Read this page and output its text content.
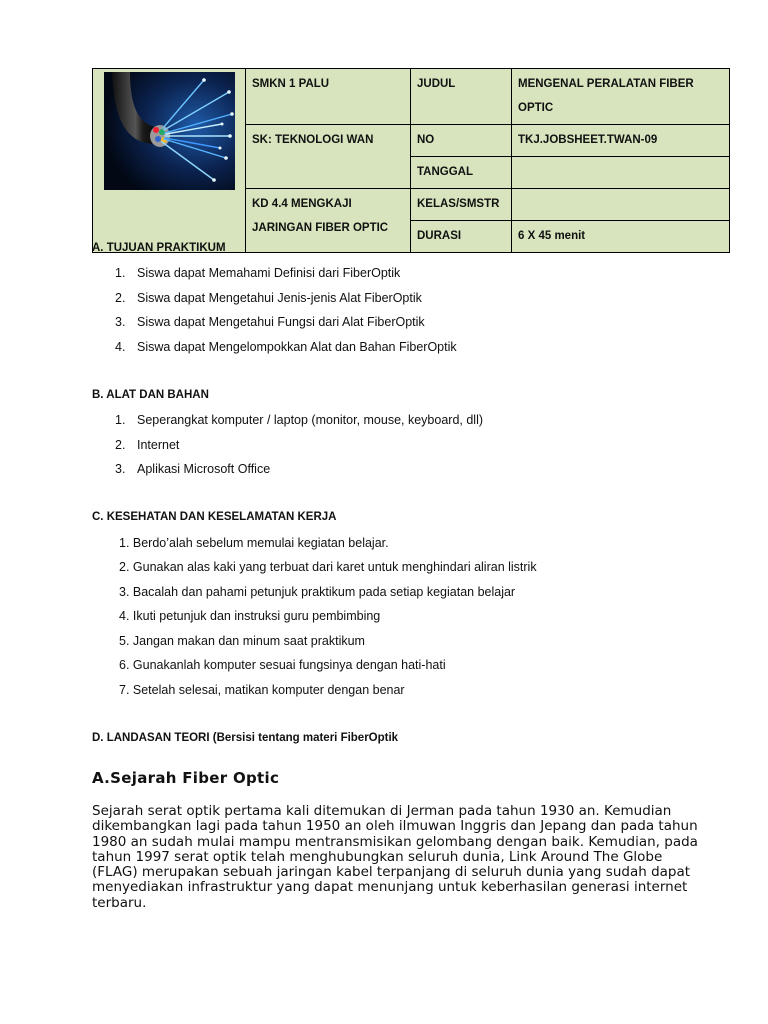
	SMKN 1 PALU	JUDUL	MENGENAL PERALATAN FIBER
OPTIC

	SK: TEKNOLOGI WAN	NO	TKJ.JOBSHEET.TWAN-09
		TANGGAL	
	KD 4.4 MENGKAJI
JARINGAN FIBER OPTIC	KELAS/SMSTR	
		DURASI	6 X 45 menit
A. TUJUAN PRAKTIKUM
1. Siswa dapat Memahami Definisi dari FiberOptik
2. Siswa dapat Mengetahui Jenis-jenis Alat FiberOptik
3. Siswa dapat Mengetahui Fungsi dari Alat FiberOptik
4. Siswa dapat Mengelompokkan Alat dan Bahan FiberOptik
B. ALAT DAN BAHAN
1. Seperangkat komputer / laptop (monitor, mouse, keyboard, dll)
2. Internet
3. Aplikasi Microsoft Office
C. KESEHATAN DAN KESELAMATAN KERJA
1. Berdo’alah sebelum memulai kegiatan belajar.
2. Gunakan alas kaki yang terbuat dari karet untuk menghindari aliran listrik
3. Bacalah dan pahami petunjuk praktikum pada setiap kegiatan belajar
4. Ikuti petunjuk dan instruksi guru pembimbing
5. Jangan makan dan minum saat praktikum
6. Gunakanlah komputer sesuai fungsinya dengan hati-hati
7. Setelah selesai, matikan komputer dengan benar
D. LANDASAN TEORI (Bersisi tentang materi FiberOptik
A.Sejarah Fiber Optic
Sejarah serat optik pertama kali ditemukan di Jerman pada tahun 1930 an. Kemudian dikembangkan lagi pada tahun 1950 an oleh ilmuwan Inggris dan Jepang dan pada tahun 1980 an sudah mulai mampu mentransmisikan gelombang dengan baik. Kemudian, pada tahun 1997 serat optik telah menghubungkan seluruh dunia, Link Around The Globe (FLAG) merupakan sebuah jaringan kabel terpanjang di seluruh dunia yang sudah dapat menyediakan infrastruktur yang dapat menunjang untuk keberhasilan generasi internet terbaru.
